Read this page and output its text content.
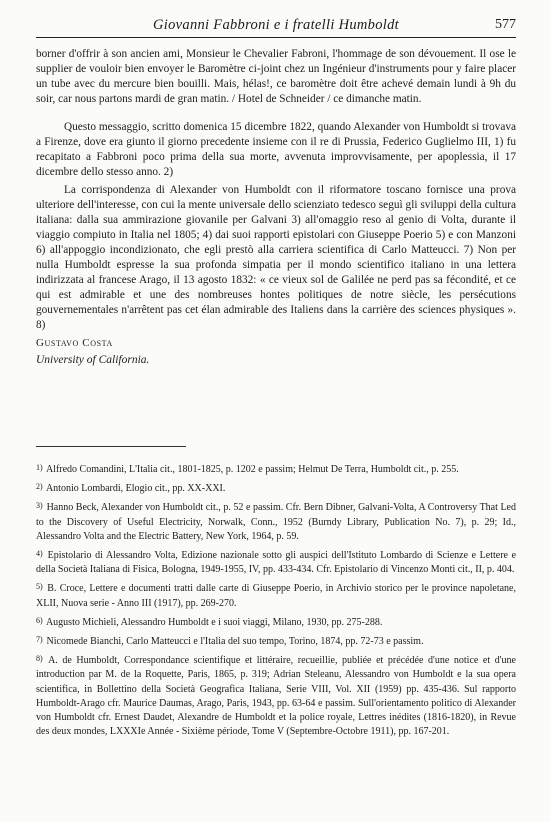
Giovanni Fabbroni e i fratelli Humboldt	577

borner d'offrir à son ancien ami, Monsieur le Chevalier Fabroni, l'hommage de son dévouement. Il ose le supplier de vouloir bien envoyer le Baromètre ci-joint chez un Ingénieur d'instruments pour y faire placer un tube avec du mercure bien bouilli. Mais, hélas!, ce baromètre doit être achevé demain lundi à 9h du soir, car nous partons mardi de gran matin. / Hotel de Schneider / ce dimanche matin.

Questo messaggio, scritto domenica 15 dicembre 1822, quando Alexander von Humboldt si trovava a Firenze, dove era giunto il giorno precedente insieme con il re di Prussia, Federico Guglielmo III, 1) fu recapitato a Fabbroni poco prima della sua morte, avvenuta improvvisamente, per apoplessia, il 17 dicembre dello stesso anno. 2)

La corrispondenza di Alexander von Humboldt con il riformatore toscano fornisce una prova ulteriore dell'interesse, con cui la mente universale dello scienziato tedesco seguì gli sviluppi della cultura italiana: dalla sua ammirazione giovanile per Galvani 3) all'omaggio reso al genio di Volta, durante il viaggio compiuto in Italia nel 1805; 4) dai suoi rapporti epistolari con Giuseppe Poerio 5) e con Manzoni 6) all'appoggio incondizionato, che egli prestò alla carriera scientifica di Carlo Matteucci. 7) Non per nulla Humboldt espresse la sua profonda simpatia per il mondo scientifico italiano in una lettera indirizzata al francese Arago, il 13 agosto 1832: « ce vieux sol de Galilée ne perd pas sa fécondité, et ce qui est admirable et une des nombreuses hontes politiques de notre siècle, les persécutions gouvernementales n'arrêtent pas cet élan admirable des Italiens dans la carrière des sciences physiques ». 8)

Gustavo Costa

University of California.

1) Alfredo Comandini, L'Italia cit., 1801-1825, p. 1202 e passim; Helmut De Terra, Humboldt cit., p. 255.

2) Antonio Lombardi, Elogio cit., pp. XX-XXI.

3) Hanno Beck, Alexander von Humboldt cit., p. 52 e passim. Cfr. Bern Dibner, Galvani-Volta, A Controversy That Led to the Discovery of Useful Electricity, Norwalk, Conn., 1952 (Burndy Library, Publication No. 7), p. 29; Id., Alessandro Volta and the Electric Battery, New York, 1964, p. 59.

4) Epistolario di Alessandro Volta, Edizione nazionale sotto gli auspici dell'Istituto Lombardo di Scienze e Lettere e della Società Italiana di Fisica, Bologna, 1949-1955, IV, pp. 433-434. Cfr. Epistolario di Vincenzo Monti cit., II, p. 404.

5) B. Croce, Lettere e documenti tratti dalle carte di Giuseppe Poerio, in Archivio storico per le province napoletane, XLII, Nuova serie - Anno III (1917), pp. 269-270.

6) Augusto Michieli, Alessandro Humboldt e i suoi viaggi, Milano, 1930, pp. 275-288.

7) Nicomede Bianchi, Carlo Matteucci e l'Italia del suo tempo, Torino, 1874, pp. 72-73 e passim.

8) A. de Humboldt, Correspondance scientifique et littéraire, recueillie, publiée et précédée d'une notice et d'une introduction par M. de la Roquette, Paris, 1865, p. 319; Adrian Steleanu, Alessandro von Humboldt e la sua opera scientifica, in Bollettino della Società Geografica Italiana, Serie VIII, Vol. XII (1959) pp. 435-436. Sul rapporto Humboldt-Arago cfr. Maurice Daumas, Arago, Paris, 1943, pp. 63-64 e passim. Sull'orientamento politico di Alexander von Humboldt cfr. Ernest Daudet, Alexandre de Humboldt et la police royale, Lettres inédites (1816-1820), in Revue des deux mondes, LXXXIe Année - Sixième période, Tome V (Septembre-Octobre 1911), pp. 167-201.
